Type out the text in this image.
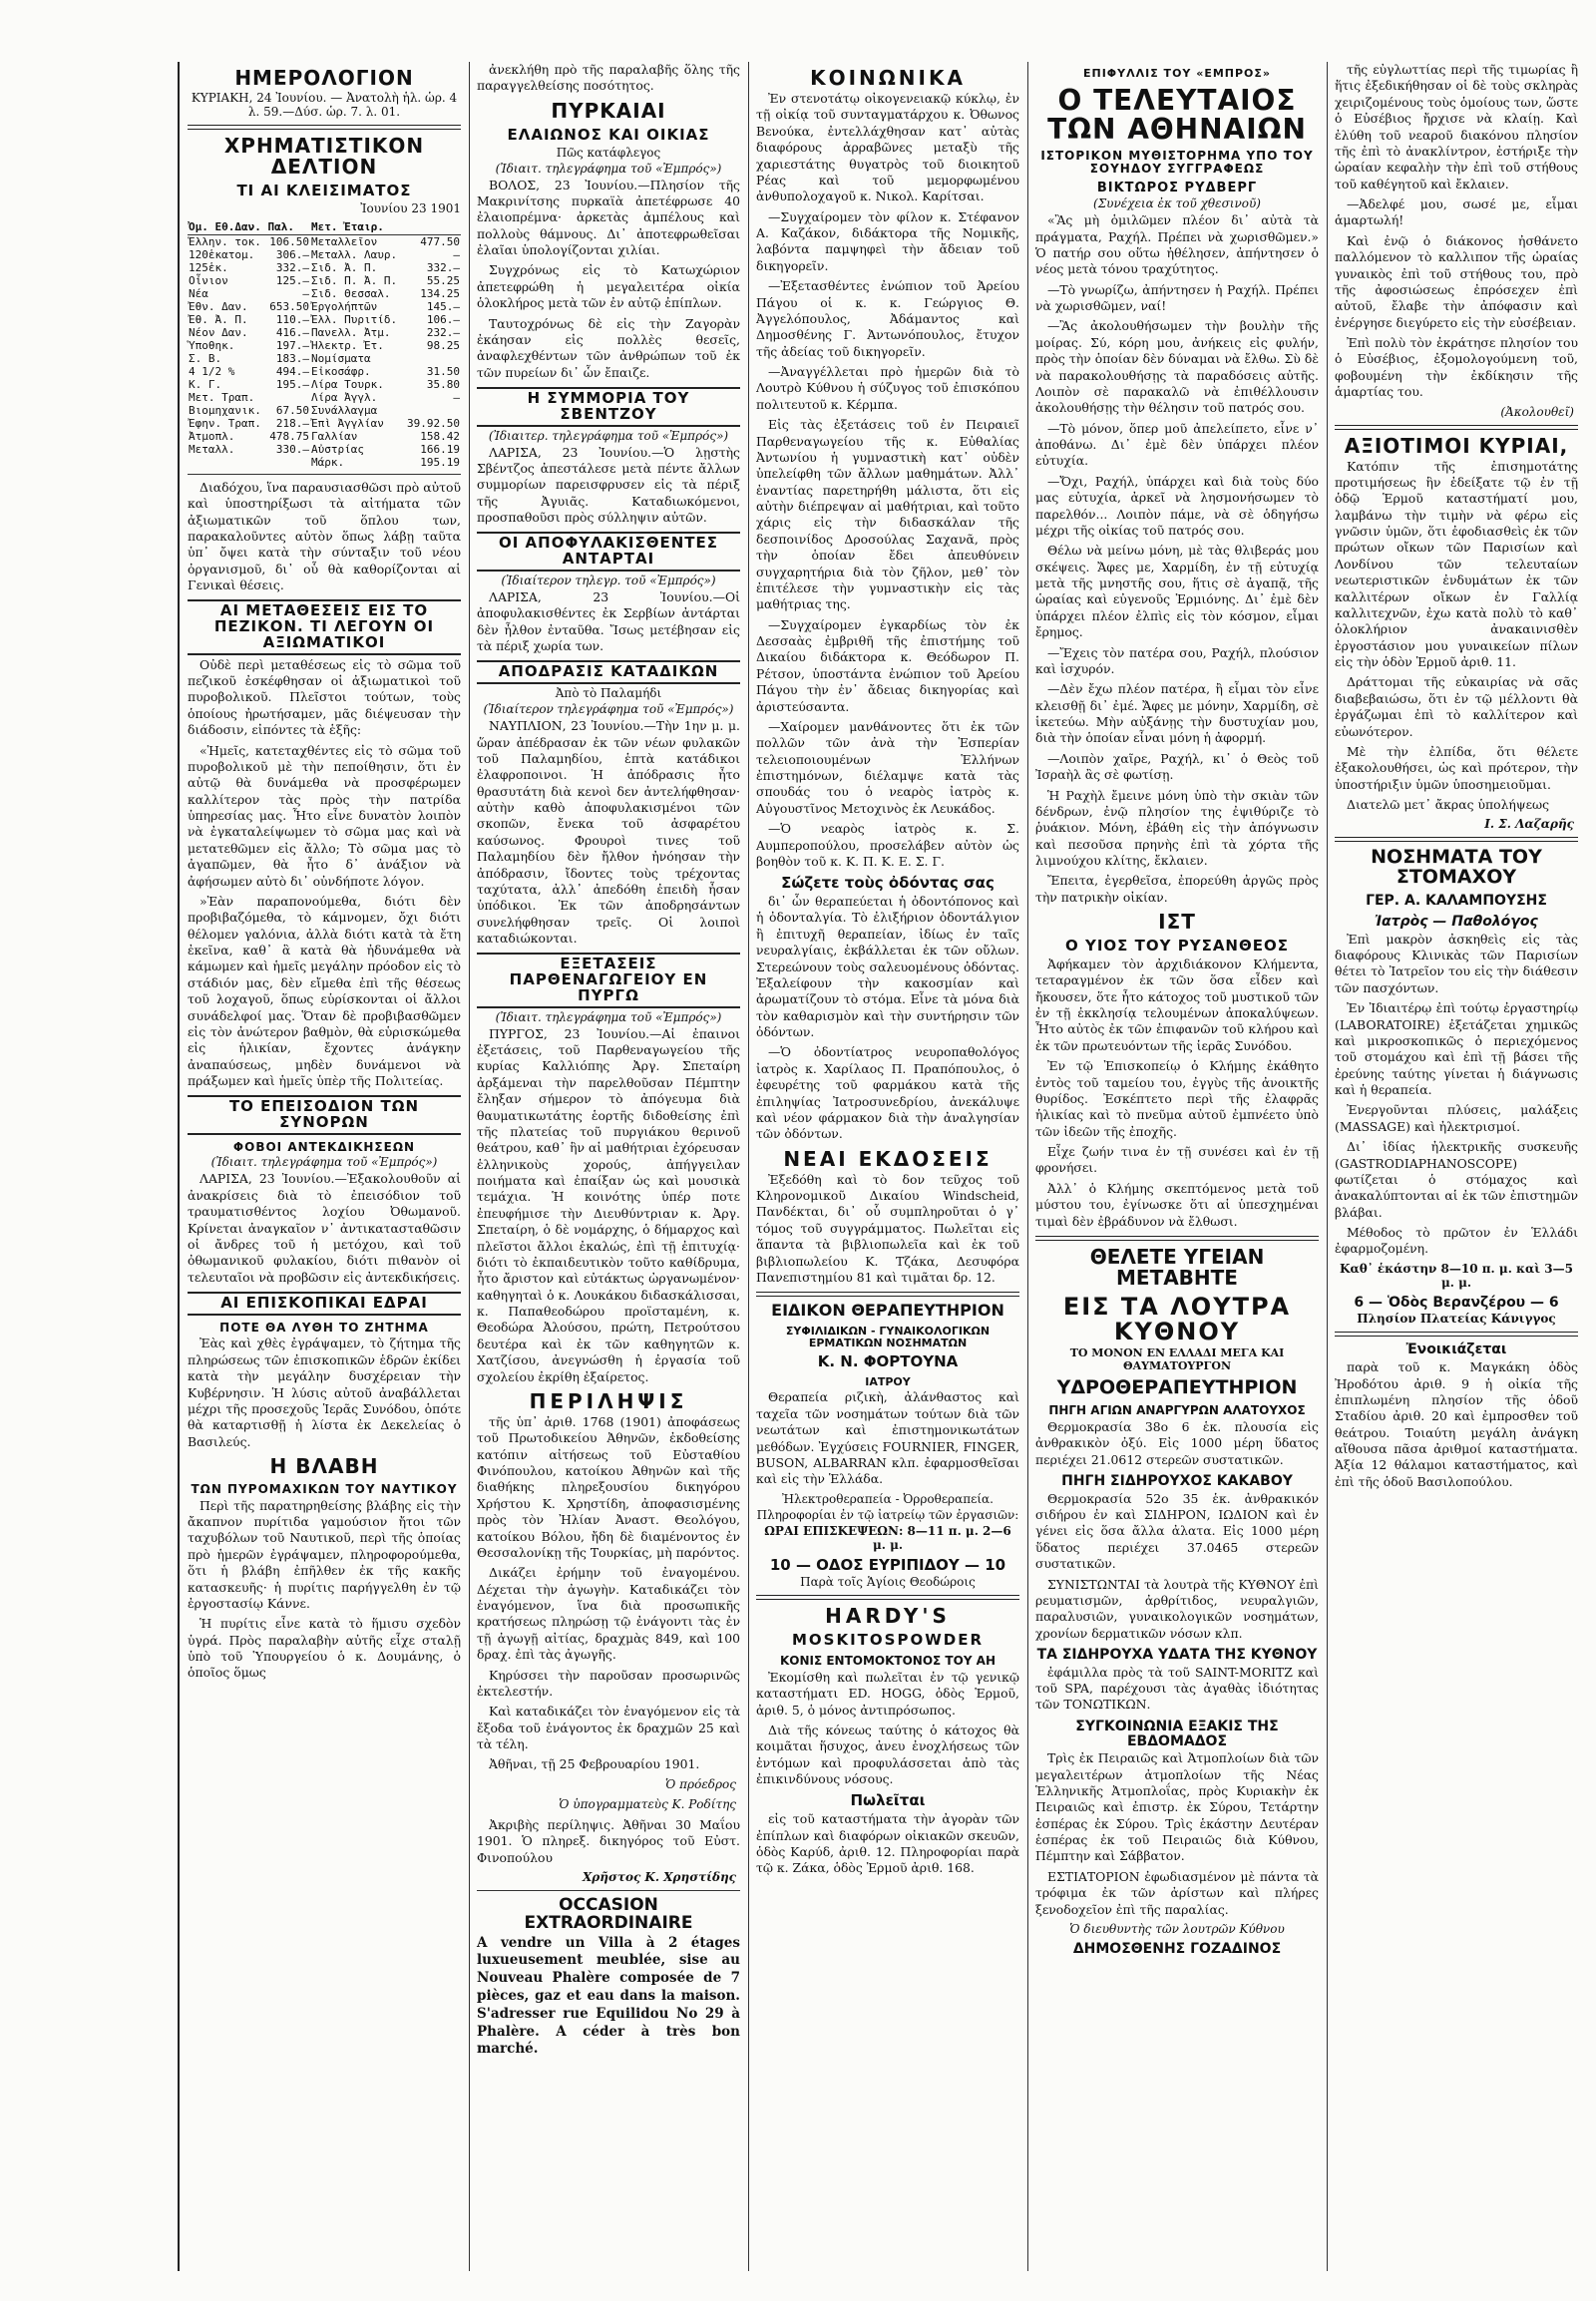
ΗΜΕΡΟΛΟΓΙΟΝ
ΚΥΡΙΑΚΗ, 24 Ἰουνίου. — Ἀνατολὴ ἡλ. ὡρ. 4 λ. 59.—Δύσ. ὡρ. 7. λ. 01.
ΧΡΗΜΑΤΙΣΤΙΚΟΝ ΔΕΛΤΙΟΝ
ΤΙ ΑΙ ΚΛΕΙΣΙΜΑΤΟΣ
Ἰουνίου 23 1901
Ὀμ. Εθ.Δαν. Παλ.		Μετ. Ἐταιρ.	
Ἑλλην. τοκ.	106.50	Μεταλλεῖον	477.50
120ἑκατομ.	306.—	Μεταλλ. Λαυρ.	—
125ἑκ.	332.—	Σιδ. Ἀ. Π.	332.—
Οἶνιον	125.—	Σιδ. Π. Ἀ. Π.	55.25
Νέα	—	Σιδ. Θεσσαλ.	134.25
Ἐθν. Δαν.	653.50	Ἐργολήπτῶν	145.—
Ἐθ. Ἀ. Π.	110.—	Ἐλλ. Πυριτίδ.	106.—
Νέον Δαν.	416.—	Πανελλ. Ἀτμ.	232.—
Ὑποθηκ.	197.—	Ἠλεκτρ. Ἐτ.	98.25
Σ. Β.	183.—	Νομίσματα	
4 1/2 %	494.—	Εἰκοσάφρ.	31.50
Κ. Γ.	195.—	Λίρα Τουρκ.	35.80
Μετ. Τραπ.		Λίρα Ἀγγλ.	—
Βιομηχανικ.	67.50	Συνάλλαγμα	
Ἐφην. Τραπ.	218.—	Ἐπὶ Ἀγγλίαν	39.92.50
Ἀτμοπλ.	478.75	Γαλλίαν	158.42
Μεταλλ.	330.—	Αὐστρίας	166.19
		Μάρκ.	195.19

Διαδόχου, ἵνα παραυσιασθῶσι πρὸ αὐτοῦ καὶ ὑποστηρίξωσι τὰ αἰτήματα τῶν ἀξιωματικῶν τοῦ ὅπλου των, παρακαλοῦντες αὐτὸν ὅπως λάβῃ ταῦτα ὑπ᾽ ὄψει κατὰ τὴν σύνταξιν τοῦ νέου ὀργανισμοῦ, δι᾽ οὗ θὰ καθορίζονται αἱ Γενικαὶ θέσεις.

ΑΙ ΜΕΤΑΘΕΣΕΙΣ ΕΙΣ ΤΟ ΠΕΖΙΚΟΝ. ΤΙ ΛΕΓΟΥΝ ΟΙ ΑΞΙΩΜΑΤΙΚΟΙ

Οὐδὲ περὶ μεταθέσεως εἰς τὸ σῶμα τοῦ πεζικοῦ ἐσκέφθησαν οἱ ἀξιωματικοὶ τοῦ πυροβολικοῦ. Πλεῖστοι τούτων, τοὺς ὁποίους ἠρωτήσαμεν, μᾶς διέψευσαν τὴν διάδοσιν, εἰπόντες τὰ ἑξῆς:

«Ἡμεῖς, κατεταχθέντες εἰς τὸ σῶμα τοῦ πυροβολικοῦ μὲ τὴν πεποίθησιν, ὅτι ἐν αὐτῷ θὰ δυνάμεθα νὰ προσφέρωμεν καλλίτερον τὰς πρὸς τὴν πατρίδα ὑπηρεσίας μας. Ἦτο εἶνε δυνατὸν λοιπὸν νὰ ἐγκαταλείψωμεν τὸ σῶμα μας καὶ νὰ μετατεθῶμεν εἰς ἄλλο; Τὸ σῶμα μας τὸ ἀγαπῶμεν, θὰ ἦτο δ᾽ ἀνάξιον νὰ ἀφήσωμεν αὐτὸ δι᾽ οὐνδήποτε λόγον.

»Ἐὰν παραπονούμεθα, διότι δὲν προβιβαζόμεθα, τὸ κάμνομεν, ὄχι διότι θέλομεν γαλόνια, ἀλλὰ διότι κατὰ τὰ ἔτη ἐκεῖνα, καθ᾽ ἃ κατὰ θὰ ἠδυνάμεθα νὰ κάμωμεν καὶ ἡμεῖς μεγάλην πρόοδον εἰς τὸ στάδιόν μας, δὲν εἴμεθα ἐπὶ τῆς θέσεως τοῦ λοχαγοῦ, ὅπως εὑρίσκονται οἱ ἄλλοι συνάδελφοί μας. Ὅταν δὲ προβιβασθῶμεν εἰς τὸν ἀνώτερον βαθμὸν, θὰ εὑρισκώμεθα εἰς ἡλικίαν, ἔχοντες ἀνάγκην ἀναπαύσεως, μηδὲν δυνάμενοι νὰ πράξωμεν καὶ ἡμεῖς ὑπὲρ τῆς Πολιτείας.

ΤΟ ΕΠΕΙΣΟΔΙΟΝ ΤΩΝ ΣΥΝΟΡΩΝ
ΦΟΒΟΙ ΑΝΤΕΚΔΙΚΗΣΕΩΝ
(Ἰδιαιτ. τηλεγράφημα τοῦ «Ἐμπρός»)

ΛΑΡΙΣΑ, 23 Ἰουνίου.—Ἐξακολουθοῦν αἱ ἀνακρίσεις διὰ τὸ ἐπεισόδιον τοῦ τραυματισθέντος λοχίου Ὀθωμανοῦ. Κρίνεται ἀναγκαῖον ν᾽ ἀντικατασταθῶσιν οἱ ἄνδρες τοῦ ἡ μετόχου, καὶ τοῦ ὀθωμανικοῦ φυλακίου, διότι πιθανὸν οἱ τελευταῖοι νὰ προβῶσιν εἰς ἀντεκδικήσεις.

ΑΙ ΕΠΙΣΚΟΠΙΚΑΙ ΕΔΡΑΙ
ΠΟΤΕ ΘΑ ΛΥΘΗ ΤΟ ΖΗΤΗΜΑ

Ἐὰς καὶ χθὲς ἐγράψαμεν, τὸ ζήτημα τῆς πληρώσεως τῶν ἐπισκοπικῶν ἑδρῶν ἐκίδει κατὰ τὴν μεγάλην δυσχέρειαν τὴν Κυβέρνησιν. Ἡ λύσις αὐτοῦ ἀναβάλλεται μέχρι τῆς προσεχοῦς Ἱερᾶς Συνόδου, ὁπότε θὰ καταρτισθῇ ἡ λίστα ἐκ Δεκελείας ὁ Βασιλεύς.

Η ΒΛΑΒΗ
ΤΩΝ ΠΥΡΟΜΑΧΙΚΩΝ ΤΟΥ ΝΑΥΤΙΚΟΥ

Περὶ τῆς παρατηρηθείσης βλάβης εἰς τὴν ἄκαπνον πυρίτιδα γαμούσιον ἤτοι τῶν ταχυβόλων τοῦ Ναυτικοῦ, περὶ τῆς ὁποίας πρὸ ἡμερῶν ἐγράψαμεν, πληροφορούμεθα, ὅτι ἡ βλάβη ἐπῆλθεν ἐκ τῆς κακῆς κατασκευῆς· ἡ πυρίτις παρήγγελθη ἐν τῷ ἐργοστασίῳ Κάννε.

Ἡ πυρίτις εἶνε κατὰ τὸ ἥμισυ σχεδὸν ὑγρά. Πρὸς παραλαβὴν αὐτῆς εἶχε σταλῇ ὑπὸ τοῦ Ὑπουργείου ὁ κ. Δουμάνης, ὁ ὁποῖος ὅμως

ἀνεκλήθη πρὸ τῆς παραλαβῆς ὅλης τῆς παραγγελθείσης ποσότητος.

ΠΥΡΚΑΙΑΙ
ΕΛΑΙΩΝΟΣ ΚΑΙ ΟΙΚΙΑΣ
Πῶς κατάφλεγος
(Ἰδιαιτ. τηλεγράφημα τοῦ «Ἐμπρός»)

ΒΟΛΟΣ, 23 Ἰουνίου.—Πλησίον τῆς Μακρινίτσης πυρκαϊὰ ἀπετέφρωσε 40 ἐλαιοπρέμνα· ἀρκετὰς ἀμπέλους καὶ πολλοὺς θάμνους. Δι᾽ ἀποτεφρωθεῖσαι ἐλαῖαι ὑπολογίζονται χιλίαι.

Συγχρόνως εἰς τὸ Κατωχώριον ἀπετεφρώθη ἡ μεγαλειτέρα οἰκία ὁλοκλήρος μετὰ τῶν ἐν αὐτῷ ἐπίπλων.

Ταυτοχρόνως δὲ εἰς τὴν Ζαγορὰν ἐκάησαν εἰς πολλὲς θεσεῖς, ἀναφλεχθέντων τῶν ἀνθρώπων τοῦ ἐκ τῶν πυρείων δι᾽ ὧν ἔπαιζε.

Η ΣΥΜΜΟΡΙΑ ΤΟΥ ΣΒΕΝΤΖΟΥ
(Ἰδιαιτερ. τηλεγράφημα τοῦ «Ἐμπρός»)

ΛΑΡΙΣΑ, 23 Ἰουνίου.—Ὁ λῃστὴς Σβέντζος ἀπεστάλεσε μετὰ πέντε ἄλλων συμμορίων παρεισφρυσεν εἰς τὰ πέριξ τῆς Ἀγυιᾶς. Καταδιωκόμενοι, προσπαθοῦσι πρὸς σύλληψιν αὐτῶν.

ΟΙ ΑΠΟΦΥΛΑΚΙΣΘΕΝΤΕΣ ΑΝΤΑΡΤΑΙ
(Ἰδιαίτερον τηλεγρ. τοῦ «Ἐμπρός»)

ΛΑΡΙΣΑ, 23 Ἰουνίου.—Οἱ ἀποφυλακισθέντες ἐκ Σερβίων ἀντάρται δὲν ἦλθον ἐνταῦθα. Ἴσως μετέβησαν εἰς τὰ πέριξ χωρία των.

ΑΠΟΔΡΑΣΙΣ ΚΑΤΑΔΙΚΩΝ
Ἀπὸ τὸ Παλαμήδι
(Ἰδιαίτερον τηλεγράφημα τοῦ «Ἐμπρός»)

ΝΑΥΠΛΙΟΝ, 23 Ἰουνίου.—Τὴν 1ην μ. μ. ὥραν ἀπέδρασαν ἐκ τῶν νέων φυλακῶν τοῦ Παλαμηδίου, ἑπτὰ κατάδικοι ἐλαφροποινοι. Ἡ ἀπόδρασις ἦτο θρασυτάτη διὰ κενοὶ δεν ἀντελήφθησαν· αὐτὴν καθὸ ἀποφυλακισμένοι τῶν σκοπῶν, ἔνεκα τοῦ ἀσφαρέτου καύσωνος. Φρουροὶ τινες τοῦ Παλαμηδίου δὲν ἤλθον ἠνόησαν τὴν ἀπόδρασιν, ἴδοντες τοὺς τρέχοντας ταχύτατα, ἀλλ᾽ ἀπεδόθη ἐπειδὴ ἦσαν ὑπόδικοι. Ἐκ τῶν ἀποδρησάντων συνελήφθησαν τρεῖς. Οἱ λοιποὶ καταδιώκονται.

ΕΞΕΤΑΣΕΙΣ ΠΑΡΘΕΝΑΓΩΓΕΙΟΥ ΕΝ ΠΥΡΓΩ
(Ἰδιαιτ. τηλεγράφημα τοῦ «Ἐμπρός»)

ΠΥΡΓΟΣ, 23 Ἰουνίου.—Αἱ ἐπαινοι ἐξετάσεις, τοῦ Παρθεναγωγείου τῆς κυρίας Καλλιόπης Ἀργ. Σπεταίρη ἀρξάμεναι τὴν παρελθοῦσαν Πέμπτην ἔληξαν σήμερον τὸ ἀπόγευμα διὰ θαυματικωτάτης ἑορτῆς διδοθείσης ἐπὶ τῆς πλατείας τοῦ πυργιάκου θερινοῦ θεάτρου, καθ᾽ ἣν αἱ μαθήτριαι ἐχόρευσαν ἑλληνικοὺς χορούς, ἀπήγγειλαν ποιήματα καὶ ἐπαίξαν ὡς καὶ μουσικὰ τεμάχια. Ἡ κοινότης ὑπέρ ποτε ἐπευφήμισε τὴν Διευθύντριαν κ. Ἀργ. Σπεταίρη, ὁ δὲ νομάρχης, ὁ δήμαρχος καὶ πλεῖστοι ἄλλοι ἐκαλώς, ἐπὶ τῇ ἐπιτυχίᾳ· διότι τὸ ἐκπαιδευτικὸν τοῦτο καθίδρυμα, ἦτο ἄριστον καὶ εὐτάκτως ὠργανωμένον· καθηγηταὶ ὁ κ. Λουκάκου διδασκάλισσαι, κ. Παπαθεοδώρου προϊσταμένη, κ. Θεοδώρα Ἀλούσου, πρώτη, Πετρούτσου δευτέρα καὶ ἐκ τῶν καθηγητῶν κ. Χατζίσου, ἀνεγνώσθη ἡ ἐργασία τοῦ σχολείου ἐκρίθη ἐξαίρετος.

ΠΕΡΙΛΗΨΙΣ

τῆς ὑπ᾽ ἀριθ. 1768 (1901) ἀποφάσεως τοῦ Πρωτοδικείου Ἀθηνῶν, ἐκδοθείσης κατόπιν αἰτήσεως τοῦ Εὐσταθίου Φινόπουλου, κατοίκου Ἀθηνῶν καὶ τῆς διαθήκης πληρεξουσίου δικηγόρου Χρήστου Κ. Χρηστίδη, ἀποφασισμένης πρὸς τὸν Ἠλίαν Ἀναστ. Θεολόγου, κατοίκου Βόλου, ἤδη δὲ διαμένοντος ἐν Θεσσαλονίκῃ τῆς Τουρκίας, μὴ παρόντος.

Δικάζει ἐρήμην τοῦ ἐναγομένου. Δέχεται τὴν ἀγωγὴν. Καταδικάζει τὸν ἐναγόμενον, ἵνα διὰ προσωπικῆς κρατήσεως πληρώσῃ τῷ ἐνάγοντι τὰς ἐν τῇ ἀγωγῇ αἰτίας, δραχμὰς 849, καὶ 100 δραχ. ἐπὶ τὰς ἀγωγῆς.

Κηρύσσει τὴν παροῦσαν προσωρινῶς ἐκτελεστήν.

Καὶ καταδικάζει τὸν ἐναγόμενον εἰς τὰ ἔξοδα τοῦ ἐνάγοντος ἐκ δραχμῶν 25 καὶ τὰ τέλη.

Ἀθῆναι, τῇ 25 Φεβρουαρίου 1901.

Ὁ πρόεδρος
Ὁ ὑπογραμματεὺς Κ. Ροδίτης

Ἀκριβὴς περίληψις. Ἀθῆναι 30 Μαΐου 1901. Ὁ πληρεξ. δικηγόρος τοῦ Εὐστ. Φινοπούλου

Χρῆστος Κ. Χρηστίδης
OCCASION EXTRAORDINAIRE

A vendre un Villa à 2 étages luxueusement meublée, sise au Nouveau Phalère composée de 7 pièces, gaz et eau dans la maison. S'adresser rue Equilidou No 29 à Phalère. A céder à très bon marché.

ΚΟΙΝΩΝΙΚΑ

Ἐν στενοτάτῳ οἰκογενειακῷ κύκλῳ, ἐν τῇ οἰκίᾳ τοῦ συνταγματάρχου κ. Ὀθωνος Βενούκα, ἐντελλάχθησαν κατ᾽ αὐτὰς διαφόρους ἀρραβῶνες μεταξὺ τῆς χαριεστάτης θυγατρὸς τοῦ διοικητοῦ Ρέας καὶ τοῦ μεμορφωμένου ἀνθυπολοχαγοῦ κ. Νικολ. Καρίτσαι.

—Συγχαίρομεν τὸν φίλον κ. Στέφανον Α. Καζάκον, διδάκτορα τῆς Νομικῆς, λαβόντα παμψηφεὶ τὴν ἄδειαν τοῦ δικηγορεῖν.

—Ἐξετασθέντες ἐνώπιον τοῦ Ἀρείου Πάγου οἱ κ. κ. Γεώργιος Θ. Ἀγγελόπουλος, Ἀδάμαντος καὶ Δημοσθένης Γ. Ἀντωνόπουλος, ἔτυχον τῆς ἀδείας τοῦ δικηγορεῖν.

—Ἀναγγέλλεται πρὸ ἡμερῶν διὰ τὸ Λουτρὸ Κύθνου ἡ σύζυγος τοῦ ἐπισκόπου πολιτευτοῦ κ. Κέρμπα.

Εἰς τὰς ἐξετάσεις τοῦ ἐν Πειραιεῖ Παρθεναγωγείου τῆς κ. Εὐθαλίας Ἀντωνίου ἡ γυμναστικὴ κατ᾽ οὐδὲν ὑπελείφθη τῶν ἄλλων μαθημάτων. Ἀλλ᾽ ἐναντίας παρετηρήθη μάλιστα, ὅτι εἰς αὐτὴν διέπρεψαν αἱ μαθήτριαι, καὶ τοῦτο χάρις εἰς τὴν διδασκάλαν τῆς δεσποινίδος Δροσούλας Σαχανᾶ, πρὸς τὴν ὁποίαν ἔδει ἀπευθύνειν συγχαρητήρια διὰ τὸν ζῆλον, μεθ᾽ τὸν ἐπιτέλεσε τὴν γυμναστικὴν εἰς τὰς μαθήτριας της.

—Συγχαίρομεν ἐγκαρδίως τὸν ἐκ Δεσσαὰς ἐμβριθῆ τῆς ἐπιστήμης τοῦ Δικαίου διδάκτορα κ. Θεόδωρον Π. Ρέτσον, ὑποστάντα ἐνώπιον τοῦ Ἀρείου Πάγου τὴν ἐν᾽ ἄδειας δικηγορίας καὶ ἀριστεύσαντα.

—Χαίρομεν μανθάνοντες ὅτι ἐκ τῶν πολλῶν τῶν ἀνὰ τὴν Ἑσπερίαν τελειοποιουμένων Ἑλλήνων ἐπιστημόνων, διέλαμψε κατὰ τὰς σπουδάς του ὁ νεαρὸς ἰατρὸς κ. Αὐγουστῖνος Μετοχινὸς ἐκ Λευκάδος.

—Ὁ νεαρὸς ἰατρὸς κ. Σ. Αυμπεροπούλου, προσελάβεν αὐτὸν ὡς βοηθὸν τοῦ κ. Κ. Π. Κ. Ε. Σ. Γ.

Σώζετε τοὺς ὀδόντας σας

δι᾽ ὧν θεραπεύεται ἡ ὀδοντόπονος καὶ ἡ ὀδονταλγία. Τὸ ἐλιξήριον ὀδοντάλγιον ἢ ἐπιτυχῆ θεραπείαν, ἰδίως ἐν ταῖς νευραλγίαις, ἐκβάλλεται ἐκ τῶν οὔλων. Στερεώνουν τοὺς σαλευομένους ὀδόντας. Ἐξαλείφουν τὴν κακοσμίαν καὶ ἀρωματίζουν τὸ στόμα. Εἶνε τὰ μόνα διὰ τὸν καθαρισμὸν καὶ τὴν συντήρησιν τῶν ὀδόντων.

—Ὁ ὀδοντίατρος νευροπαθολόγος ἰατρὸς κ. Χαρίλαος Π. Πραπόπουλος, ὁ ἐφευρέτης τοῦ φαρμάκου κατὰ τῆς ἐπιληψίας Ἰατροσυνεδρίου, ἀνεκάλυψε καὶ νέον φάρμακον διὰ τὴν ἀναλγησίαν τῶν ὀδόντων.

ΝΕΑΙ ΕΚΔΟΣΕΙΣ

Ἐξεδόθη καὶ τὸ δον τεῦχος τοῦ Κληρονομικοῦ Δικαίου Windscheid, Πανδέκται, δι᾽ οὗ συμπληροῦται ὁ γ᾽ τόμος τοῦ συγγράμματος. Πωλεῖται εἰς ἅπαντα τὰ βιβλιοπωλεῖα καὶ ἐκ τοῦ βιβλιοπωλείου Κ. Τζάκα, Δεσυφόρα Πανεπιστημίου 81 καὶ τιμᾶται δρ. 12.

ΕΙΔΙΚΟΝ ΘΕΡΑΠΕΥΤΗΡΙΟΝ
ΣΥΦΙΛΙΔΙΚΩΝ - ΓΥΝΑΙΚΟΛΟΓΙΚΩΝ ΕΡΜΑΤΙΚΩΝ ΝΟΣΗΜΑΤΩΝ
Κ. Ν. ΦΟΡΤΟΥΝΑ
ΙΑΤΡΟΥ

Θεραπεία ριζικὴ, ἀλάνθαστος καὶ ταχεῖα τῶν νοσημάτων τούτων διὰ τῶν νεωτάτων καὶ ἐπιστημονικωτάτων μεθόδων. Ἐγχύσεις FOURNIER, FINGER, BUSON, ALBARRAN κλπ. ἐφαρμοσθεῖσαι καὶ εἰς τὴν Ἑλλάδα.

Ἠλεκτροθεραπεία - Ὀρροθεραπεία.
Πληροφορίαι ἐν τῷ ἰατρείῳ τῶν ἐργασιῶν:
ΩΡΑΙ ΕΠΙΣΚΕΨΕΩΝ: 8—11 π. μ. 2—6 μ. μ.
10 — ΟΔΟΣ ΕΥΡΙΠΙΔΟΥ — 10
Παρὰ τοῖς Ἁγίοις Θεοδώροις
HARDY'S
MOSKITOSPOWDER
ΚΟΝΙΣ ΕΝΤΟΜΟΚΤΟΝΟΣ ΤΟΥ ΑΗ

Ἐκομίσθη καὶ πωλεῖται ἐν τῷ γενικῷ καταστήματι ED. HOGG, ὁδὸς Ἑρμοῦ, ἀριθ. 5, ὁ μόνος ἀντιπρόσωπος.

Διὰ τῆς κόνεως ταύτης ὁ κάτοχος θὰ κοιμᾶται ἥσυχος, ἀνευ ἐνοχλήσεως τῶν ἐντόμων καὶ προφυλάσσεται ἀπὸ τὰς ἐπικινδύνους νόσους.

Πωλεῖται

εἰς τοῦ καταστήματα τὴν ἀγορὰν τῶν ἐπίπλων καὶ διαφόρων οἰκιακῶν σκευῶν, ὁδὸς Καρύδ, ἀριθ. 12. Πληροφορίαι παρὰ τῷ κ. Ζάκα, ὁδὸς Ἑρμοῦ ἀριθ. 168.

ΕΠΙΦΥΛΛΙΣ ΤΟΥ «ΕΜΠΡΟΣ»
Ο ΤΕΛΕΥΤΑΙΟΣ ΤΩΝ ΑΘΗΝΑΙΩΝ
ΙΣΤΟΡΙΚΟΝ ΜΥΘΙΣΤΟΡΗΜΑ ΥΠΟ ΤΟΥ ΣΟΥΗΔΟΥ ΣΥΓΓΡΑΦΕΩΣ
ΒΙΚΤΩΡΟΣ ΡΥΔΒΕΡΓ
(Συνέχεια ἐκ τοῦ χθεσινοῦ)

«Ἂς μὴ ὁμιλῶμεν πλέον δι᾽ αὐτὰ τὰ πράγματα, Ραχήλ. Πρέπει νὰ χωρισθῶμεν.» Ὁ πατήρ σου οὕτω ἠθέλησεν, ἀπήντησεν ὁ νέος μετὰ τόνου τραχύτητος.

—Τὸ γνωρίζω, ἀπήντησεν ἡ Ραχήλ. Πρέπει νὰ χωρισθῶμεν, ναί!

—Ἂς ἀκολουθήσωμεν τὴν βουλὴν τῆς μοίρας. Σύ, κόρη μου, ἀνήκεις εἰς φυλήν, πρὸς τὴν ὁποίαν δὲν δύναμαι νὰ ἔλθω. Σὺ δὲ νὰ παρακολουθήσῃς τὰ παραδόσεις αὐτῆς. Λοιπὸν σὲ παρακαλῶ νὰ ἐπιθέλλουσιν ἀκολουθήσῃς τὴν θέλησιν τοῦ πατρός σου.

—Τὸ μόνον, ὅπερ μοῦ ἀπελείπετο, εἶνε ν᾽ ἀποθάνω. Δι᾽ ἐμὲ δὲν ὑπάρχει πλέον εὐτυχία.

—Ὄχι, Ραχήλ, ὑπάρχει καὶ διὰ τοὺς δύο μας εὐτυχία, ἀρκεῖ νὰ λησμονήσωμεν τὸ παρελθόν... Λοιπὸν πάμε, νὰ σὲ ὁδηγήσω μέχρι τῆς οἰκίας τοῦ πατρός σου.

Θέλω νὰ μείνω μόνη, μὲ τὰς θλιβεράς μου σκέψεις. Ἄφες με, Χαρμίδη, ἐν τῇ εὐτυχίᾳ μετὰ τῆς μνηστῆς σου, ἥτις σὲ ἀγαπᾷ, τῆς ὡραίας καὶ εὐγενοῦς Ἑρμιόνης. Δι᾽ ἐμὲ δὲν ὑπάρχει πλέον ἐλπὶς εἰς τὸν κόσμον, εἶμαι ἔρημος.

—Ἔχεις τὸν πατέρα σου, Ραχήλ, πλούσιον καὶ ἰσχυρόν.

—Δὲν ἔχω πλέον πατέρα, ἢ εἶμαι τὸν εἶνε κλεισθῇ δι᾽ ἐμέ. Ἄφες με μόνην, Χαρμίδη, σὲ ἱκετεύω. Μὴν αὐξάνῃς τὴν δυστυχίαν μου, διὰ τὴν ὁποίαν εἶναι μόνη ἡ ἀφορμή.

—Λοιπὸν χαῖρε, Ραχήλ, κι᾽ ὁ Θεὸς τοῦ Ἰσραὴλ ἂς σὲ φωτίσῃ.

Ἡ Ραχὴλ ἔμεινε μόνη ὑπὸ τὴν σκιὰν τῶν δένδρων, ἐνῷ πλησίον της ἐψιθύριζε τὸ ῥυάκιον. Μόνη, ἐβάθη εἰς τὴν ἀπόγνωσιν καὶ πεσοῦσα πρηνὴς ἐπὶ τὰ χόρτα τῆς λιμνούχου κλίτης, ἔκλαιεν.

Ἔπειτα, ἐγερθεῖσα, ἐπορεύθη ἀργῶς πρὸς τὴν πατρικὴν οἰκίαν.

ΙΣΤ
Ο ΥΙΟΣ ΤΟΥ ΡΥΣΑΝΘΕΟΣ

Ἀφήκαμεν τὸν ἀρχιδιάκονον Κλήμεντα, τεταραγμένον ἐκ τῶν ὅσα εἶδεν καὶ ἤκουσεν, ὅτε ἦτο κάτοχος τοῦ μυστικοῦ τῶν ἐν τῇ ἐκκλησίᾳ τελουμένων ἀποκαλύψεων. Ἦτο αὐτὸς ἐκ τῶν ἐπιφανῶν τοῦ κλήρου καὶ ἐκ τῶν πρωτευόντων τῆς ἱερᾶς Συνόδου.

Ἐν τῷ Ἐπισκοπείῳ ὁ Κλήμης ἐκάθητο ἐντὸς τοῦ ταμείου του, ἐγγὺς τῆς ἀνοικτῆς θυρίδος. Ἐσκέπτετο περὶ τῆς ἐλαφρᾶς ἡλικίας καὶ τὸ πνεῦμα αὐτοῦ ἐμπνέετο ὑπὸ τῶν ἰδεῶν τῆς ἐποχῆς.

Εἶχε ζωήν τινα ἐν τῇ συνέσει καὶ ἐν τῇ φρονήσει.

Ἀλλ᾽ ὁ Κλήμης σκεπτόμενος μετὰ τοῦ μύστου του, ἐγίνωσκε ὅτι αἱ ὑπεσχημέναι τιμαὶ δὲν ἐβράδυνον νὰ ἔλθωσι.

ΘΕΛΕΤΕ ΥΓΕΙΑΝ ΜΕΤΑΒΗΤΕ
ΕΙΣ ΤΑ ΛΟΥΤΡΑ ΚΥΘΝΟΥ
ΤΟ ΜΟΝΟΝ ΕΝ ΕΛΛΑΔΙ ΜΕΓΑ ΚΑΙ ΘΑΥΜΑΤΟΥΡΓΟΝ
ΥΔΡΟΘΕΡΑΠΕΥΤΗΡΙΟΝ
ΠΗΓΗ ΑΓΙΩΝ ΑΝΑΡΓΥΡΩΝ ΑΛΑΤΟΥΧΟΣ

Θερμοκρασία 38ο 6 ἑκ. πλουσία εἰς ἀνθρακικὸν ὀξύ. Εἰς 1000 μέρη ὕδατος περιέχει 21.0612 στερεῶν συστατικῶν.

ΠΗΓΗ ΣΙΔΗΡΟΥΧΟΣ ΚΑΚΑΒΟΥ

Θερμοκρασία 52ο 35 ἑκ. ἀνθρακικόν σιδήρου ἐν καὶ ΣΙΔΗΡΟΝ, ΙΩΔΙΟΝ καὶ ἐν γένει εἰς ὅσα ἄλλα ἀλατα. Εἰς 1000 μέρη ὕδατος περιέχει 37.0465 στερεῶν συστατικῶν.

ΣΥΝΙΣΤΩΝΤΑΙ τὰ λουτρὰ τῆς ΚΥΘΝΟΥ ἐπὶ ρευματισμῶν, ἀρθρίτιδος, νευραλγιῶν, παραλυσιῶν, γυναικολογικῶν νοσημάτων, χρονίων δερματικῶν νόσων κλπ.

ΤΑ ΣΙΔΗΡΟΥΧΑ ΥΔΑΤΑ ΤΗΣ ΚΥΘΝΟΥ

ἐφάμιλλα πρὸς τὰ τοῦ SAINT-MORITZ καὶ τοῦ SPA, παρέχουσι τὰς ἀγαθὰς ἰδιότητας τῶν ΤΟΝΩΤΙΚΩΝ.

ΣΥΓΚΟΙΝΩΝΙΑ ΕΞΑΚΙΣ ΤΗΣ ΕΒΔΟΜΑΔΟΣ

Τρὶς ἐκ Πειραιῶς καὶ Ἀτμοπλοίων διὰ τῶν μεγαλειτέρων ἀτμοπλοίων τῆς Νέας Ἑλληνικῆς Ἀτμοπλοΐας, πρὸς Κυριακὴν ἐκ Πειραιῶς καὶ ἐπιστρ. ἐκ Σύρου, Τετάρτην ἑσπέρας ἐκ Σύρου. Τρὶς ἑκάστην Δευτέραν ἑσπέρας ἐκ τοῦ Πειραιῶς διὰ Κύθνου, Πέμπτην καὶ Σάββατον.

ΕΣΤΙΑΤΟΡΙΟΝ ἐφωδιασμένον μὲ πάντα τὰ τρόφιμα ἐκ τῶν ἀρίστων καὶ πλήρες ξενοδοχεῖον ἐπὶ τῆς παραλίας.

Ὁ διευθυντὴς τῶν λουτρῶν Κύθνου
ΔΗΜΟΣΘΕΝΗΣ ΓΟΖΑΔΙΝΟΣ

τῆς εὐγλωττίας περὶ τῆς τιμωρίας ἢ ἥτις ἐξεδικήθησαν οἱ δὲ τοὺς σκληρὰς χειριζομένους τοὺς ὁμοίους των, ὥστε ὁ Εὐσέβιος ἤρχισε νὰ κλαίῃ. Καὶ ἐλύθη τοῦ νεαροῦ διακόνου πλησίον τῆς ἐπὶ τὸ ἀνακλίντρον, ἐστήριξε τὴν ὡραίαν κεφαλὴν τὴν ἐπὶ τοῦ στήθους τοῦ καθέγητοῦ καὶ ἔκλαιεν.

—Ἀδελφέ μου, σωσέ με, εἶμαι ἁμαρτωλή!

Καὶ ἐνῷ ὁ διάκονος ἠσθάνετο παλλόμενον τὸ καλλιπον τῆς ὡραίας γυναικὸς ἐπὶ τοῦ στήθους του, πρὸ τῆς ἀφοσιώσεως ἐπρόσεχεν ἐπὶ αὐτοῦ, ἔλαβε τὴν ἀπόφασιν καὶ ἐνέργησε διεγύρετο εἰς τὴν εὐσέβειαν.

Ἐπὶ πολὺ τὸν ἐκράτησε πλησίον του ὁ Εὐσέβιος, ἐξομολογούμενη τοῦ, φοβουμένη τὴν ἐκδίκησιν τῆς ἁμαρτίας του.

(Ἀκολουθεῖ)
ΑΞΙΟΤΙΜΟΙ ΚΥΡΙΑΙ,

Κατόπιν τῆς ἐπισημοτάτης προτιμήσεως ἣν ἐδείξατε τῷ ἐν τῇ ὁδῷ Ἑρμοῦ καταστήματί μου, λαμβάνω τὴν τιμὴν νὰ φέρω εἰς γνῶσιν ὑμῶν, ὅτι ἐφοδιασθεὶς ἐκ τῶν πρώτων οἴκων τῶν Παρισίων καὶ Λονδίνου τῶν τελευταίων νεωτεριστικῶν ἐνδυμάτων ἐκ τῶν καλλιτέρων οἴκων ἐν Γαλλίᾳ καλλιτεχνῶν, ἐχω κατὰ πολὺ τὸ καθ᾽ ὁλοκλήριον ἀνακαινισθὲν ἐργοστάσιον μου γυναικείων πίλων εἰς τὴν ὁδὸν Ἑρμοῦ ἀριθ. 11.

Δράττομαι τῆς εὐκαιρίας νὰ σᾶς διαβεβαιώσω, ὅτι ἐν τῷ μέλλοντι θὰ ἐργάζωμαι ἐπὶ τὸ καλλίτερον καὶ εὐωνότερον.

Μὲ τὴν ἐλπίδα, ὅτι θέλετε ἐξακολουθήσει, ὡς καὶ πρότερον, τὴν ὑποστήριξιν ὑμῶν ὑποσημειοῦμαι.

Διατελῶ μετ᾽ ἄκρας ὑπολήψεως

Ι. Σ. Λαζαρῆς
ΝΟΣΗΜΑΤΑ ΤΟΥ ΣΤΟΜΑΧΟΥ
ΓΕΡ. Α. ΚΑΛΑΜΠΟΥΣΗΣ
Ἰατρὸς — Παθολόγος

Ἐπὶ μακρὸν ἀσκηθεὶς εἰς τὰς διαφόρους Κλινικὰς τῶν Παρισίων θέτει τὸ Ἰατρεῖον του εἰς τὴν διάθεσιν τῶν πασχόντων.

Ἐν Ἰδιαιτέρῳ ἐπὶ τούτῳ ἐργαστηρίῳ (LABORATOIRE) ἐξετάζεται χημικῶς καὶ μικροσκοπικῶς ὁ περιεχόμενος τοῦ στομάχου καὶ ἐπὶ τῇ βάσει τῆς ἐρεύνης ταύτης γίνεται ἡ διάγνωσις καὶ ἡ θεραπεία.

Ἐνεργοῦνται πλύσεις, μαλάξεις (MASSAGE) καὶ ἠλεκτρισμοί.

Δι᾽ ἰδίας ἠλεκτρικῆς συσκευῆς (GASTRODIAPHANOSCOPE) φωτίζεται ὁ στόμαχος καὶ ἀνακαλύπτονται αἱ ἐκ τῶν ἐπιστημῶν βλάβαι.

Μέθοδος τὸ πρῶτον ἐν Ἑλλάδι ἐφαρμοζομένη.

Καθ᾽ ἑκάστην 8—10 π. μ. καὶ 3—5 μ. μ.
6 — Ὁδὸς Βερανζέρου — 6
Πλησίον Πλατείας Κάνιγγος
Ἐνοικιάζεται

παρὰ τοῦ κ. Μαγκάκη ὁδὸς Ἠροδότου ἀριθ. 9 ἡ οἰκία τῆς ἐπιπλωμένη πλησίον τῆς ὁδοῦ Σταδίου ἀριθ. 20 καὶ ἐμπροσθεν τοῦ θεάτρου. Τοιαύτη μεγάλη ἀνάγκη αἴθουσα πᾶσα ἀριθμοί καταστήματα. Ἀξία 12 θάλαμοι καταστήματος, καὶ ἐπὶ τῆς ὁδοῦ Βασιλοπούλου.
